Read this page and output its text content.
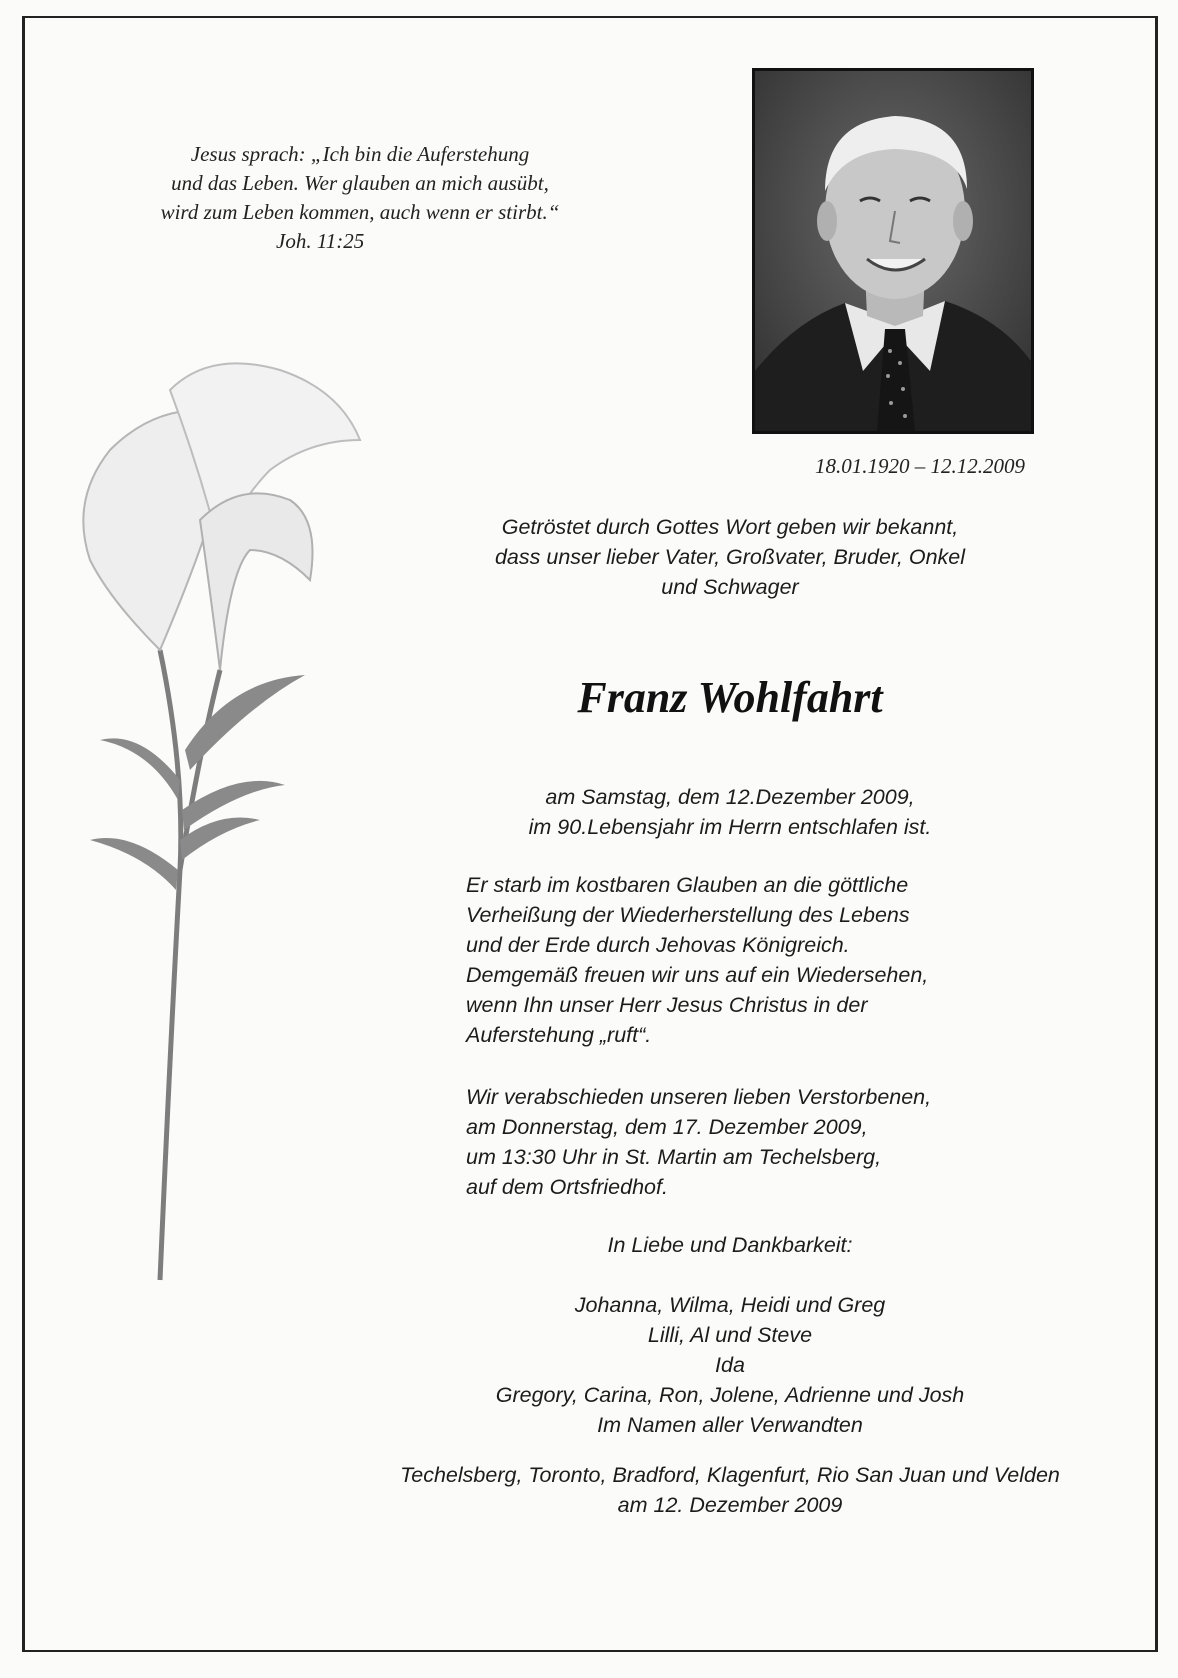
Jesus sprach: „Ich bin die Auferstehung
und das Leben. Wer glauben an mich ausübt,
wird zum Leben kommen, auch wenn er stirbt.“
Joh. 11:25
18.01.1920 – 12.12.2009
Getröstet durch Gottes Wort geben wir bekannt,
dass unser lieber Vater, Großvater, Bruder, Onkel
und Schwager
Franz Wohlfahrt
am Samstag, dem 12.Dezember 2009,
im 90.Lebensjahr im Herrn entschlafen ist.
Er starb im kostbaren Glauben an die göttliche
Verheißung der Wiederherstellung des Lebens
und der Erde durch Jehovas Königreich.
Demgemäß freuen wir uns auf ein Wiedersehen,
wenn Ihn unser Herr Jesus Christus in der
Auferstehung „ruft“.
Wir verabschieden unseren lieben Verstorbenen,
am Donnerstag, dem 17. Dezember 2009,
um 13:30 Uhr in St. Martin am Techelsberg,
auf dem Ortsfriedhof.
In Liebe und Dankbarkeit:
Johanna, Wilma, Heidi und Greg
Lilli, Al und Steve
Ida
Gregory, Carina, Ron, Jolene, Adrienne und Josh
Im Namen aller Verwandten
Techelsberg, Toronto, Bradford, Klagenfurt, Rio San Juan und Velden
am 12. Dezember 2009
